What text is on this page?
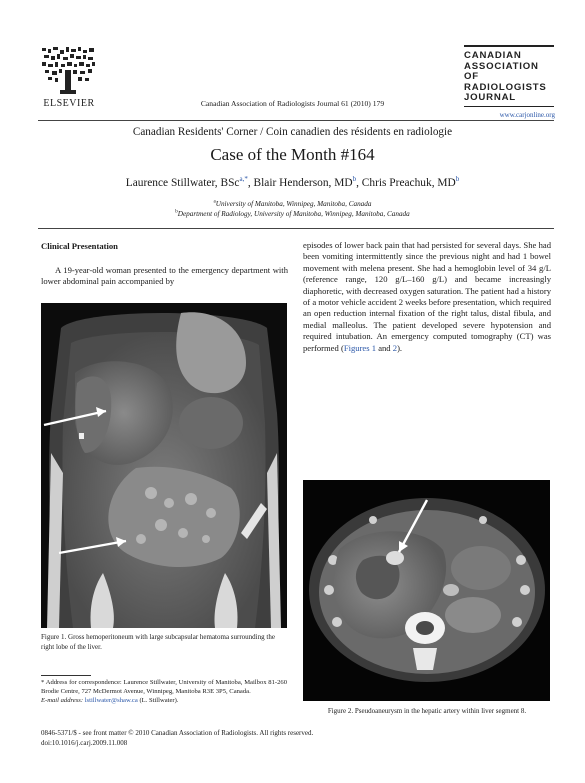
ELSEVIER	Canadian Association of Radiologists Journal 61 (2010) 179
CANADIAN
ASSOCIATION OF
RADIOLOGISTS
JOURNAL
www.carjonline.org
Canadian Residents' Corner / Coin canadien des résidents en radiologie
Case of the Month #164
Laurence Stillwater, BSc$^{a,*}$, Blair Henderson, $MD^b$, Chris Preachuk, $MD^b$
$^a$University of Manitoba, Winnipeg, Manitoba, Canada
$^b$Department of Radiology, University of Manitoba, Winnipeg, Manitoba, Canada
Clinical Presentation
A 19-year-old woman presented to the emergency department with lower abdominal pain accompanied by
episodes of lower back pain that had persisted for several days. She had been vomiting intermittently since the previous night and had 1 bowel movement with melena present. She had a hemoglobin level of 34 g/L (reference range, 120 g/L–160 g/L) and became increasingly diaphoretic, with decreased oxygen saturation. The patient had a history of a motor vehicle accident 2 weeks before presentation, which required an open reduction internal fixation of the right talus, distal fibula, and medial malleolus. The patient developed severe hypotension and required intubation. An emergency computed tomography (CT) was performed (Figures 1 and 2).
Figure 1. Gross hemoperitoneum with large subcapsular hematoma surrounding the right lobe of the liver.
Figure 2. Pseudoaneurysm in the hepatic artery within liver segment 8.
* Address for correspondence: Laurence Stillwater, University of Manitoba, Mailbox 81-260 Brodie Centre, 727 McDermot Avenue, Winnipeg, Manitoba R3E 3P5, Canada.
E-mail address: lstillwater@shaw.ca (L. Stillwater).
0846-5371/$ - see front matter © 2010 Canadian Association of Radiologists. All rights reserved.
doi:10.1016/j.carj.2009.11.008
